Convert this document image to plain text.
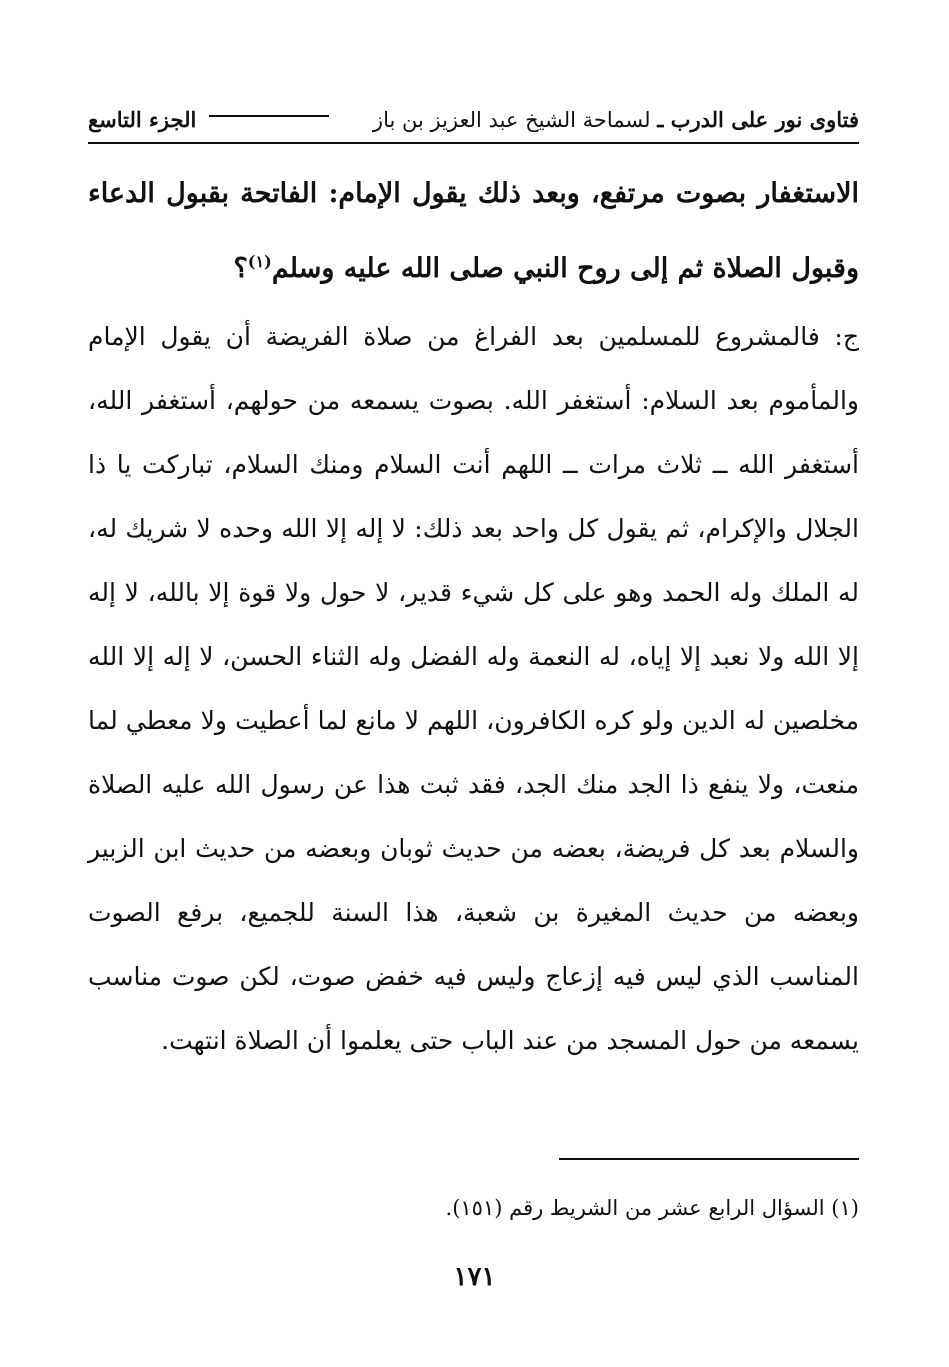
فتاوى نور على الدرب ـ لسماحة الشيخ عبد العزيز بن باز
الجزء التاسع
الاستغفار بصوت مرتفع، وبعد ذلك يقول الإمام: الفاتحة بقبول الدعاء وقبول الصلاة ثم إلى روح النبي صلى الله عليه وسلم$^{(١)}$؟

ج: فالمشروع للمسلمين بعد الفراغ من صلاة الفريضة أن يقول الإمام والمأموم بعد السلام: أستغفر الله. بصوت يسمعه من حولهم، أستغفر الله، أستغفر الله ــ ثلاث مرات ــ اللهم أنت السلام ومنك السلام، تباركت يا ذا الجلال والإكرام، ثم يقول كل واحد بعد ذلك: لا إله إلا الله وحده لا شريك له، له الملك وله الحمد وهو على كل شيء قدير، لا حول ولا قوة إلا بالله، لا إله إلا الله ولا نعبد إلا إياه، له النعمة وله الفضل وله الثناء الحسن، لا إله إلا الله مخلصين له الدين ولو كره الكافرون، اللهم لا مانع لما أعطيت ولا معطي لما منعت، ولا ينفع ذا الجد منك الجد، فقد ثبت هذا عن رسول الله عليه الصلاة والسلام بعد كل فريضة، بعضه من حديث ثوبان وبعضه من حديث ابن الزبير وبعضه من حديث المغيرة بن شعبة، هذا السنة للجميع، برفع الصوت المناسب الذي ليس فيه إزعاج وليس فيه خفض صوت، لكن صوت مناسب يسمعه من حول المسجد من عند الباب حتى يعلموا أن الصلاة انتهت.

(١) السؤال الرابع عشر من الشريط رقم (١٥١).
١٧١
